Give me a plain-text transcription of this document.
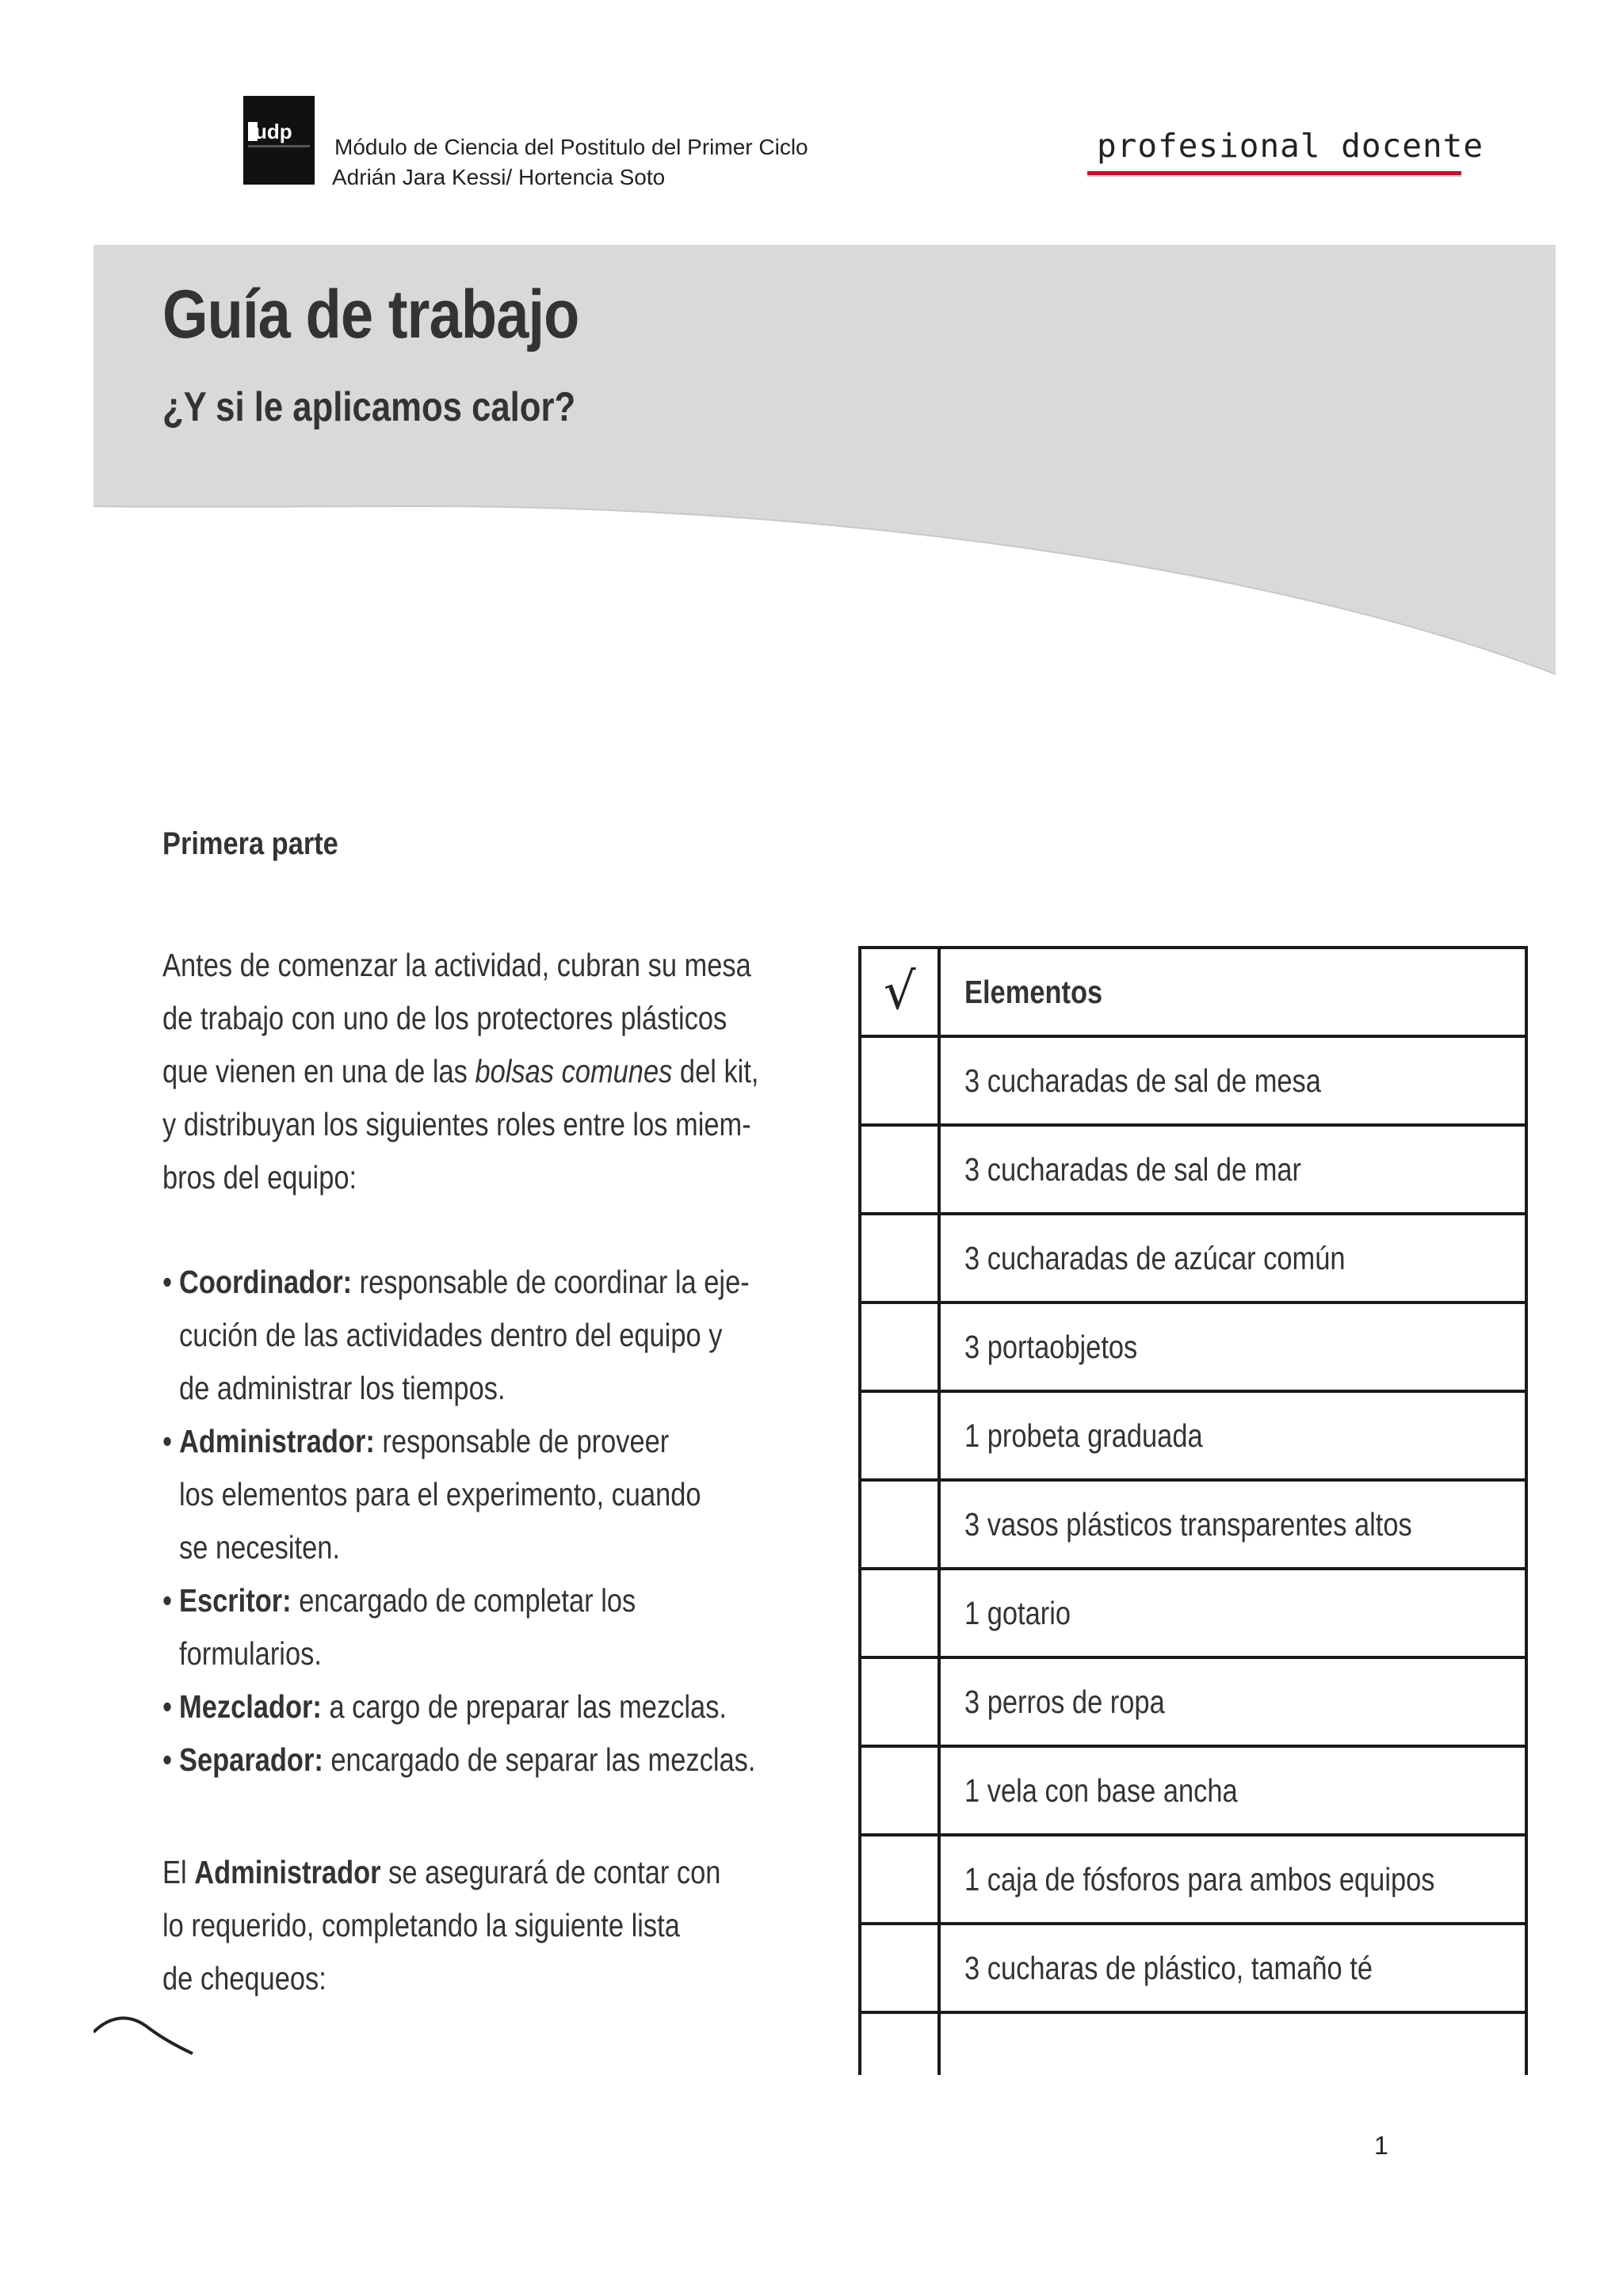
udp
Módulo de Ciencia del Postitulo del Primer Ciclo
Adrián Jara Kessi/ Hortencia Soto
profesional docente
Guía de trabajo
¿Y si le aplicamos calor?
Primera parte
Antes de comenzar la actividad, cubran su mesa
de trabajo con uno de los protectores plásticos
que vienen en una de las bolsas comunes del kit,
y distribuyan los siguientes roles entre los miem-
bros del equipo:
• Coordinador: responsable de coordinar la eje-
cución de las actividades dentro del equipo y
de administrar los tiempos.
• Administrador: responsable de proveer
los elementos para el experimento, cuando
se necesiten.
• Escritor: encargado de completar los
formularios.
• Mezclador: a cargo de preparar las mezclas.
• Separador: encargado de separar las mezclas.
El Administrador se asegurará de contar con
lo requerido, completando la siguiente lista
de chequeos:
√	Elementos
	3 cucharadas de sal de mesa
	3 cucharadas de sal de mar
	3 cucharadas de azúcar común
	3 portaobjetos
	1 probeta graduada
	3 vasos plásticos transparentes altos
	1 gotario
	3 perros de ropa
	1 vela con base ancha
	1 caja de fósforos para ambos equipos
	3 cucharas de plástico, tamaño té

1
